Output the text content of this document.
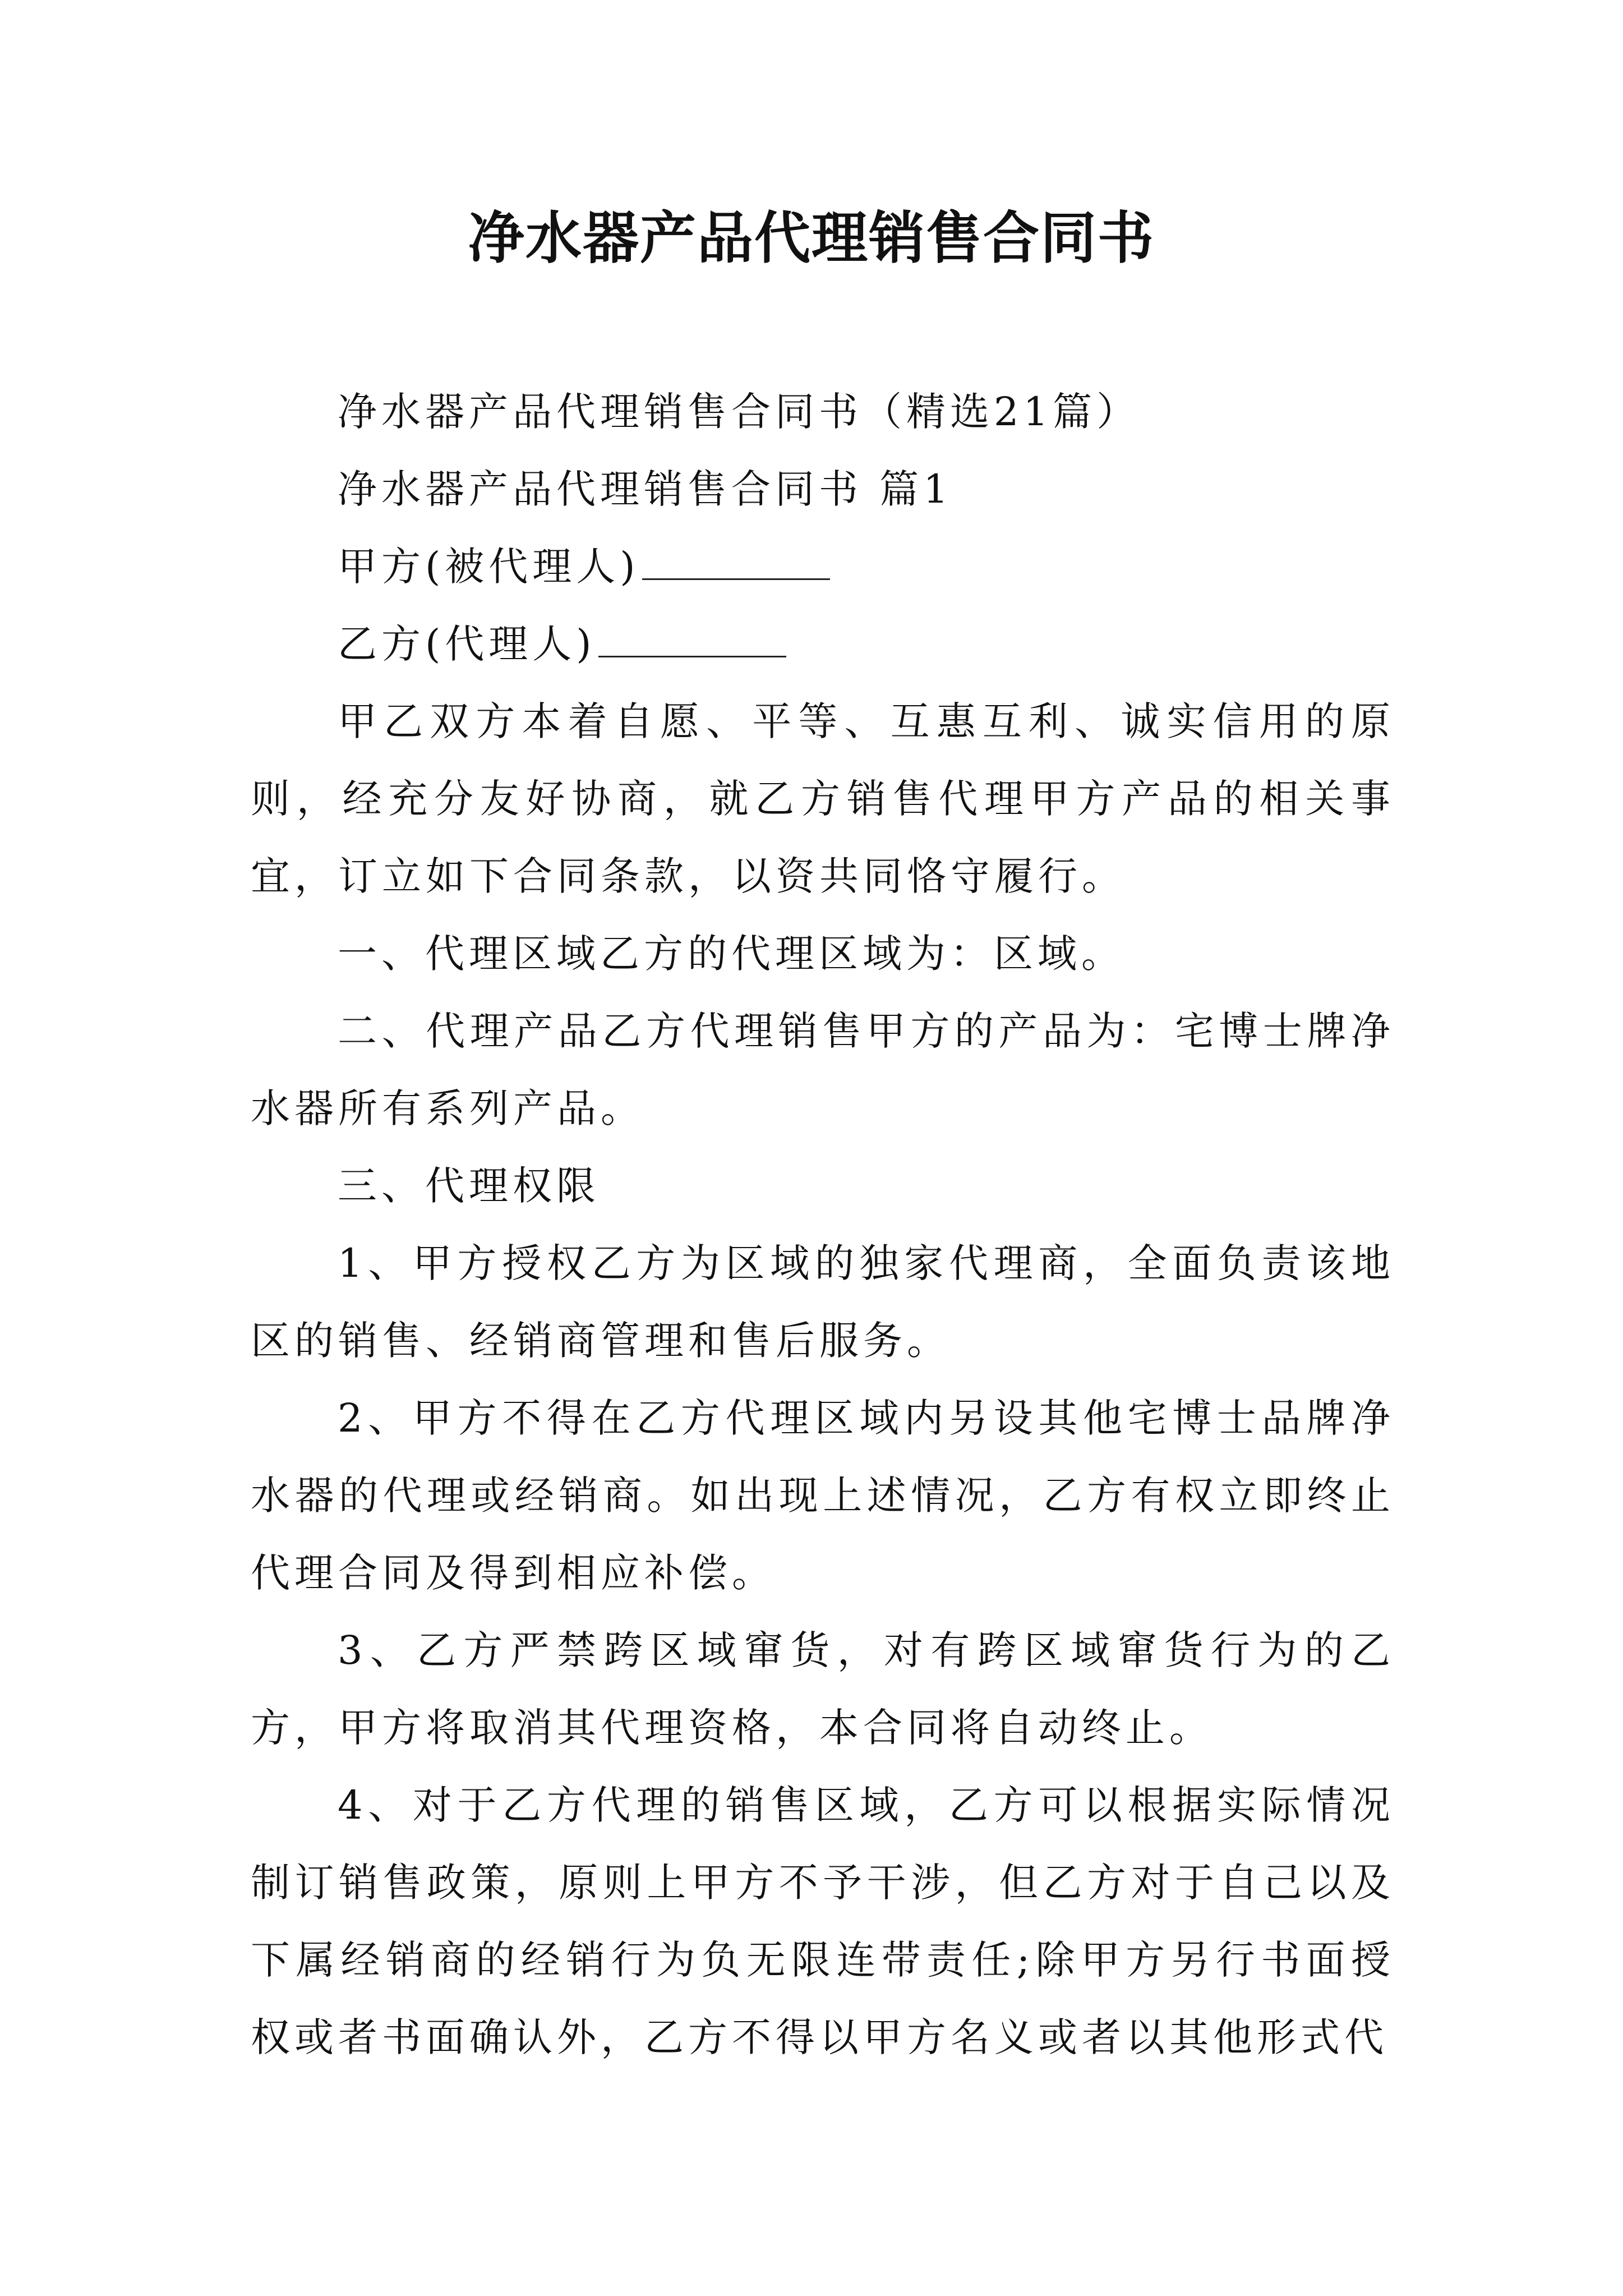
净水器产品代理销售合同书

净水器产品代理销售合同书（精选21篇）

净水器产品代理销售合同书 篇1

甲方(被代理人)

乙方(代理人)

甲乙双方本着自愿、平等、互惠互利、诚实信用的原则，经充分友好协商，就乙方销售代理甲方产品的相关事宜，订立如下合同条款，以资共同恪守履行。

一、代理区域乙方的代理区域为：区域。

二、代理产品乙方代理销售甲方的产品为：宅博士牌净水器所有系列产品。

三、代理权限

1、甲方授权乙方为区域的独家代理商，全面负责该地区的销售、经销商管理和售后服务。

2、甲方不得在乙方代理区域内另设其他宅博士品牌净水器的代理或经销商。如出现上述情况，乙方有权立即终止代理合同及得到相应补偿。

3、乙方严禁跨区域窜货，对有跨区域窜货行为的乙方，甲方将取消其代理资格，本合同将自动终止。

4、对于乙方代理的销售区域，乙方可以根据实际情况制订销售政策，原则上甲方不予干涉，但乙方对于自己以及下属经销商的经销行为负无限连带责任;除甲方另行书面授权或者书面确认外，乙方不得以甲方名义或者以其他形式代
